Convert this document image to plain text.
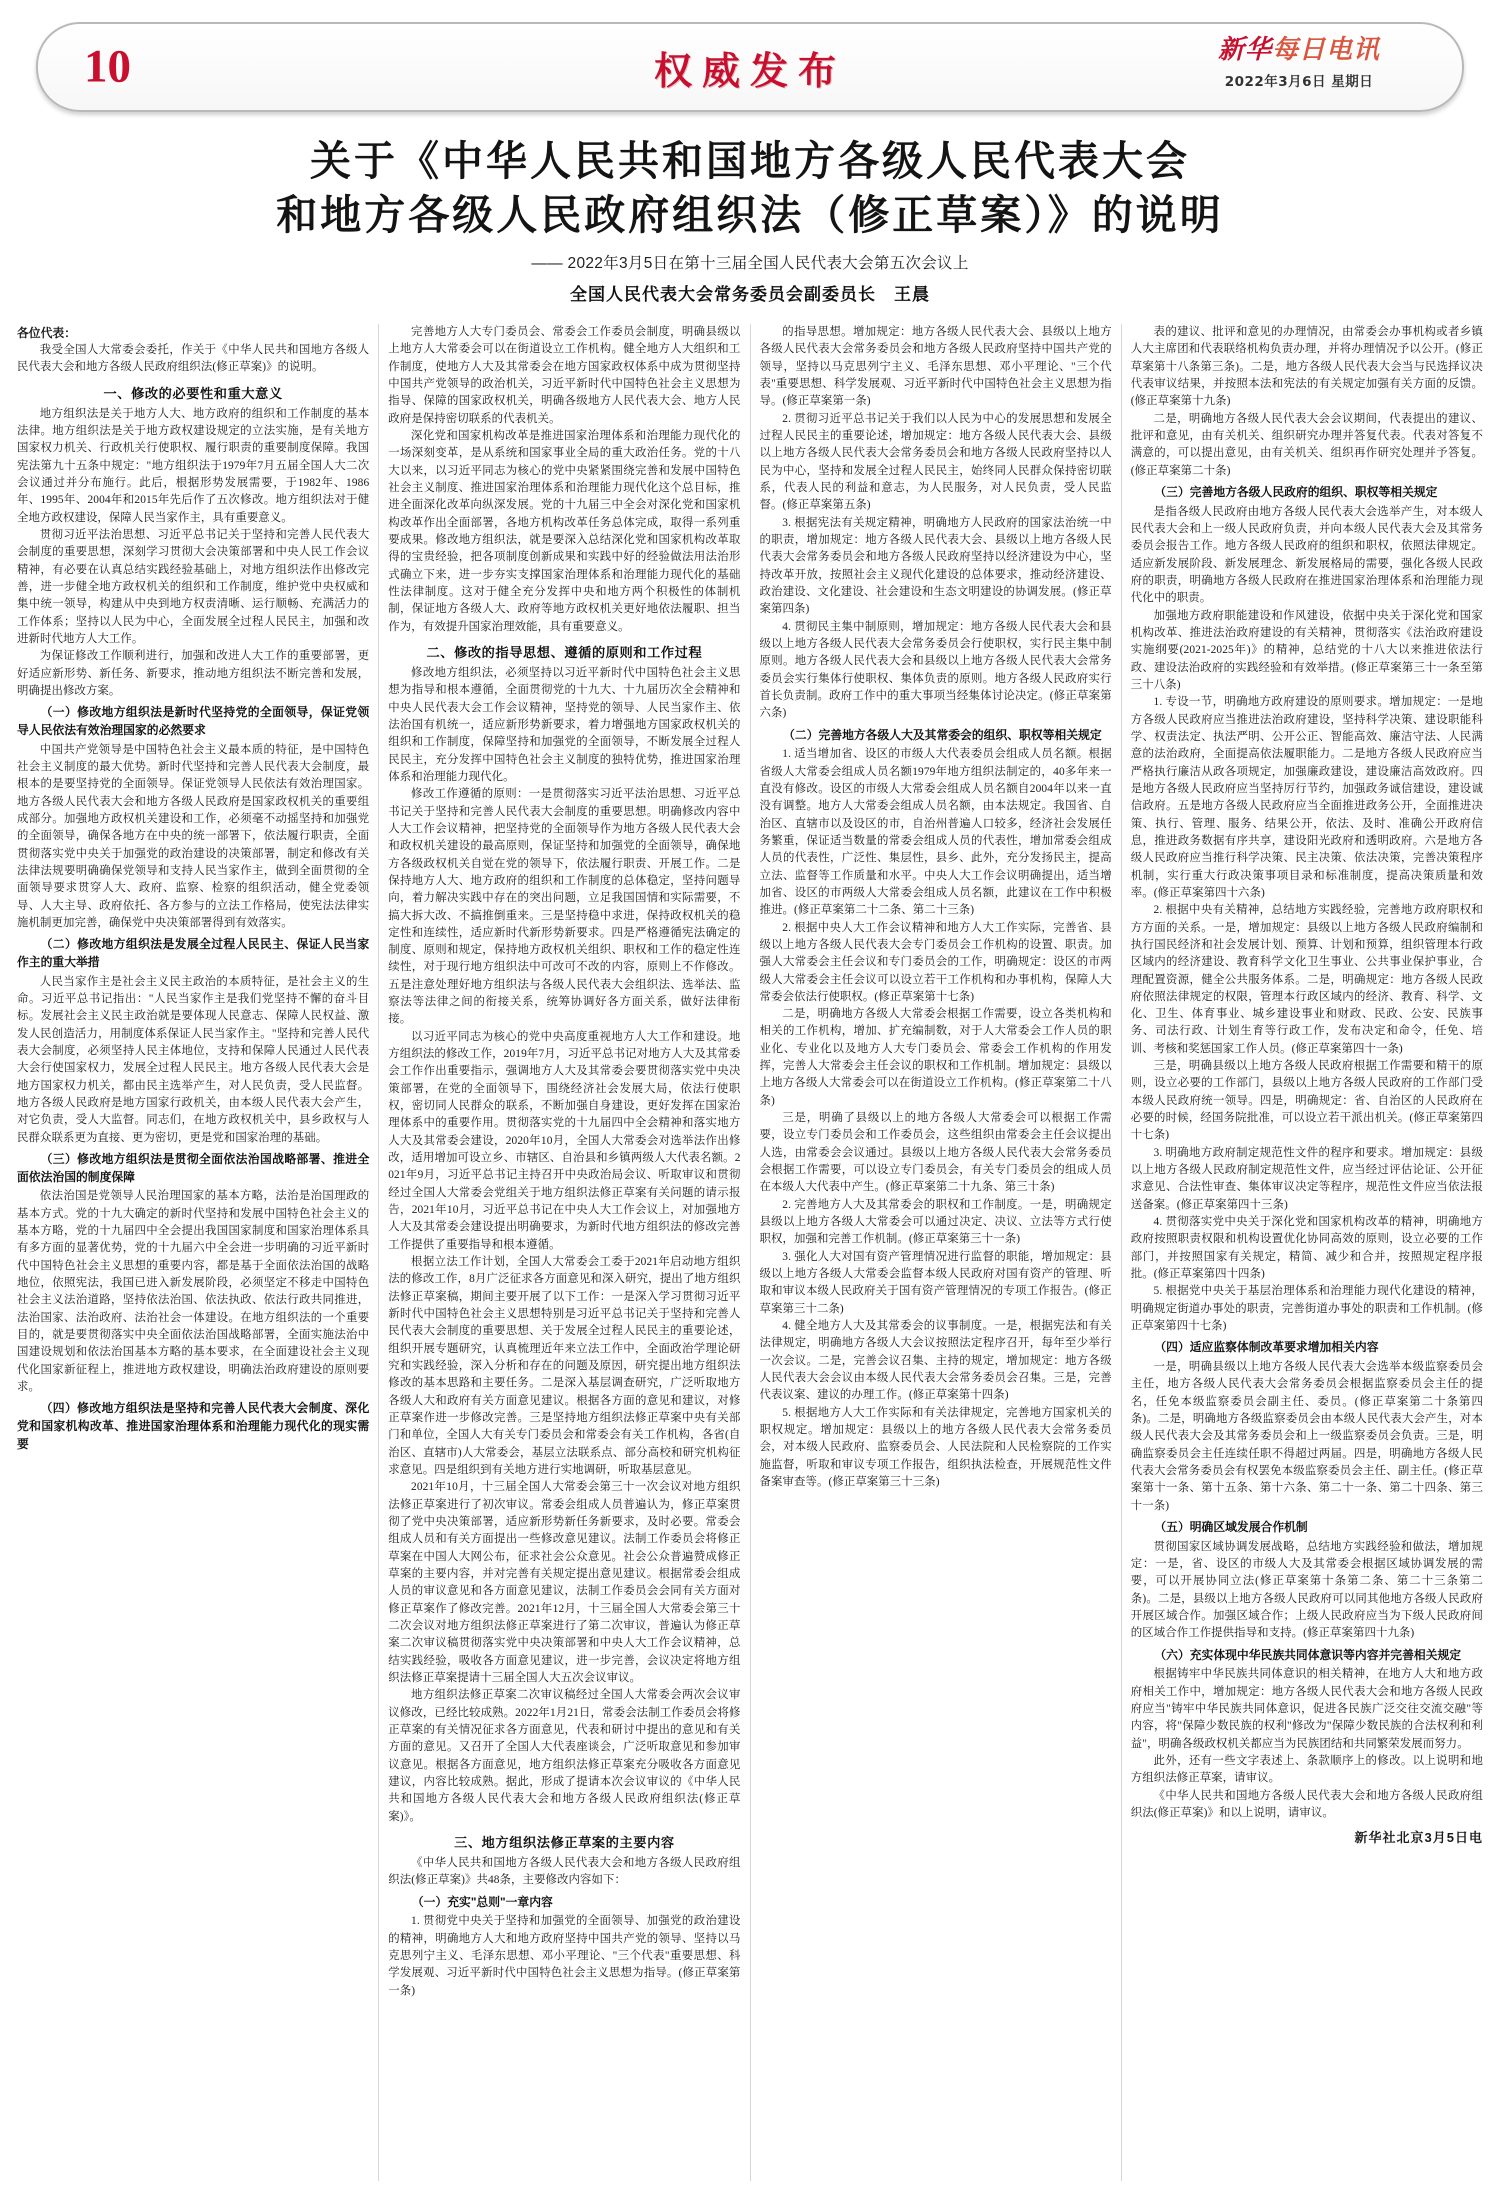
10	权威发布	新华每日电讯
2022年3月6日 星期日
关于《中华人民共和国地方各级人民代表大会
和地方各级人民政府组织法（修正草案）》的说明
—— 2022年3月5日在第十三届全国人民代表大会第五次会议上
全国人民代表大会常务委员会副委员长　王晨
各位代表：
我受全国人大常委会委托，作关于《中华人民共和国地方各级人民代表大会和地方各级人民政府组织法(修正草案)》的说明。
一、修改的必要性和重大意义
地方组织法是关于地方人大、地方政府的组织和工作制度的基本法律。地方组织法是关于地方政权建设规定的立法实施，是有关地方国家权力机关、行政机关行使职权、履行职责的重要制度保障。我国宪法第九十五条中规定："地方组织法于1979年7月五届全国人大二次会议通过并分布施行。此后，根据形势发展需要，于1982年、1986年、1995年、2004年和2015年先后作了五次修改。地方组织法对于健全地方政权建设，保障人民当家作主，具有重要意义。
贯彻习近平法治思想、习近平总书记关于坚持和完善人民代表大会制度的重要思想，深刻学习贯彻大会决策部署和中央人民工作会议精神，有必要在认真总结实践经验基础上，对地方组织法作出修改完善，进一步健全地方政权机关的组织和工作制度，维护党中央权威和集中统一领导，构建从中央到地方权责清晰、运行顺畅、充满活力的工作体系；坚持以人民为中心，全面发展全过程人民民主，加强和改进新时代地方人大工作。
为保证修改工作顺利进行，加强和改进人大工作的重要部署，更好适应新形势、新任务、新要求，推动地方组织法不断完善和发展，明确提出修改方案。
（一）修改地方组织法是新时代坚持党的全面领导，保证党领导人民依法有效治理国家的必然要求
中国共产党领导是中国特色社会主义最本质的特征，是中国特色社会主义制度的最大优势。新时代坚持和完善人民代表大会制度，最根本的是要坚持党的全面领导。保证党领导人民依法有效治理国家。地方各级人民代表大会和地方各级人民政府是国家政权机关的重要组成部分。加强地方政权机关建设和工作，必须毫不动摇坚持和加强党的全面领导，确保各地方在中央的统一部署下，依法履行职责，全面贯彻落实党中央关于加强党的政治建设的决策部署，制定和修改有关法律法规要明确确保党领导和支持人民当家作主，做到全面贯彻的全面领导要求贯穿人大、政府、监察、检察的组织活动，健全党委领导、人大主导、政府依托、各方参与的立法工作格局，使宪法法律实施机制更加完善，确保党中央决策部署得到有效落实。
（二）修改地方组织法是发展全过程人民民主、保证人民当家作主的重大举措
人民当家作主是社会主义民主政治的本质特征，是社会主义的生命。习近平总书记指出："人民当家作主是我们党坚持不懈的奋斗目标。发展社会主义民主政治就是要体现人民意志、保障人民权益、激发人民创造活力，用制度体系保证人民当家作主。"坚持和完善人民代表大会制度，必须坚持人民主体地位，支持和保障人民通过人民代表大会行使国家权力，发展全过程人民民主。地方各级人民代表大会是地方国家权力机关，都由民主选举产生，对人民负责，受人民监督。地方各级人民政府是地方国家行政机关，由本级人民代表大会产生，对它负责，受人大监督。同志们，在地方政权机关中，县乡政权与人民群众联系更为直接、更为密切，更是党和国家治理的基础。
（三）修改地方组织法是贯彻全面依法治国战略部署、推进全面依法治国的制度保障
依法治国是党领导人民治理国家的基本方略，法治是治国理政的基本方式。党的十九大确定的新时代坚持和发展中国特色社会主义的基本方略，党的十九届四中全会提出我国国家制度和国家治理体系具有多方面的显著优势，党的十九届六中全会进一步明确的习近平新时代中国特色社会主义思想的重要内容，都是基于全面依法治国的战略地位，依照宪法，我国已进入新发展阶段，必须坚定不移走中国特色社会主义法治道路，坚持依法治国、依法执政、依法行政共同推进，法治国家、法治政府、法治社会一体建设。在地方组织法的一个重要目的，就是要贯彻落实中央全面依法治国战略部署，全面实施法治中国建设规划和依法治国基本方略的基本要求，在全面建设社会主义现代化国家新征程上，推进地方政权建设，明确法治政府建设的原则要求。
（四）修改地方组织法是坚持和完善人民代表大会制度、深化党和国家机构改革、推进国家治理体系和治理能力现代化的现实需要
完善地方人大专门委员会、常委会工作委员会制度，明确县级以上地方人大常委会可以在街道设立工作机构。健全地方人大组织和工作制度，使地方人大及其常委会在地方国家政权体系中成为贯彻坚持中国共产党领导的政治机关，习近平新时代中国特色社会主义思想为指导、保障的国家政权机关，明确各级地方人民代表大会、地方人民政府是保持密切联系的代表机关。
深化党和国家机构改革是推进国家治理体系和治理能力现代化的一场深刻变革，是从系统和国家事业全局的重大政治任务。党的十八大以来，以习近平同志为核心的党中央紧紧围绕完善和发展中国特色社会主义制度、推进国家治理体系和治理能力现代化这个总目标，推进全面深化改革向纵深发展。党的十九届三中全会对深化党和国家机构改革作出全面部署，各地方机构改革任务总体完成，取得一系列重要成果。修改地方组织法，就是要深入总结深化党和国家机构改革取得的宝贵经验，把各项制度创新成果和实践中好的经验做法用法治形式确立下来，进一步夯实支撑国家治理体系和治理能力现代化的基础性法律制度。这对于健全充分发挥中央和地方两个积极性的体制机制，保证地方各级人大、政府等地方政权机关更好地依法履职、担当作为，有效提升国家治理效能，具有重要意义。
二、修改的指导思想、遵循的原则和工作过程
修改地方组织法，必须坚持以习近平新时代中国特色社会主义思想为指导和根本遵循，全面贯彻党的十九大、十九届历次全会精神和中央人民代表大会工作会议精神，坚持党的领导、人民当家作主、依法治国有机统一，适应新形势新要求，着力增强地方国家政权机关的组织和工作制度，保障坚持和加强党的全面领导，不断发展全过程人民民主，充分发挥中国特色社会主义制度的独特优势，推进国家治理体系和治理能力现代化。
修改工作遵循的原则：一是贯彻落实习近平法治思想、习近平总书记关于坚持和完善人民代表大会制度的重要思想。明确修改内容中人大工作会议精神，把坚持党的全面领导作为地方各级人民代表大会和政权机关建设的最高原则，保证坚持和加强党的全面领导，确保地方各级政权机关自觉在党的领导下，依法履行职责、开展工作。二是保持地方人大、地方政府的组织和工作制度的总体稳定，坚持问题导向，着力解决实践中存在的突出问题，立足我国国情和实际需要，不搞大拆大改、不搞推倒重来。三是坚持稳中求进，保持政权机关的稳定性和连续性，适应新时代新形势新要求。四是严格遵循宪法确定的制度、原则和规定，保持地方政权机关组织、职权和工作的稳定性连续性，对于现行地方组织法中可改可不改的内容，原则上不作修改。五是注意处理好地方组织法与各级人民代表大会组织法、选举法、监察法等法律之间的衔接关系，统筹协调好各方面关系，做好法律衔接。
以习近平同志为核心的党中央高度重视地方人大工作和建设。地方组织法的修改工作，2019年7月，习近平总书记对地方人大及其常委会工作作出重要指示，强调地方人大及其常委会要贯彻落实党中央决策部署，在党的全面领导下，围绕经济社会发展大局，依法行使职权，密切同人民群众的联系，不断加强自身建设，更好发挥在国家治理体系中的重要作用。贯彻落实党的十九届四中全会精神和落实地方人大及其常委会建设，2020年10月，全国人大常委会对选举法作出修改，适用增加可设立乡、市辖区、自治县和乡镇两级人大代表名额。2021年9月，习近平总书记主持召开中央政治局会议、听取审议和贯彻经过全国人大常委会党组关于地方组织法修正草案有关问题的请示报告，2021年10月，习近平总书记在中央人大工作会议上，对加强地方人大及其常委会建设提出明确要求，为新时代地方组织法的修改完善工作提供了重要指导和根本遵循。
根据立法工作计划，全国人大常委会工委于2021年启动地方组织法的修改工作，8月广泛征求各方面意见和深入研究，提出了地方组织法修正草案稿，期间主要开展了以下工作：一是深入学习贯彻习近平新时代中国特色社会主义思想特别是习近平总书记关于坚持和完善人民代表大会制度的重要思想、关于发展全过程人民民主的重要论述，组织开展专题研究，认真梳理近年来立法工作中，全面政治学理论研究和实践经验，深入分析和存在的问题及原因，研究提出地方组织法修改的基本思路和主要任务。二是深入基层调查研究，广泛听取地方各级人大和政府有关方面意见建议。根据各方面的意见和建议，对修正草案作进一步修改完善。三是坚持地方组织法修正草案中央有关部门和单位，全国人大有关专门委员会和常委会有关工作机构，各省(自治区、直辖市)人大常委会，基层立法联系点、部分高校和研究机构征求意见。四是组织到有关地方进行实地调研，听取基层意见。
2021年10月，十三届全国人大常委会第三十一次会议对地方组织法修正草案进行了初次审议。常委会组成人员普遍认为，修正草案贯彻了党中央决策部署，适应新形势新任务新要求，及时必要。常委会组成人员和有关方面提出一些修改意见建议。法制工作委员会将修正草案在中国人大网公布，征求社会公众意见。社会公众普遍赞成修正草案的主要内容，并对完善有关规定提出意见建议。根据常委会组成人员的审议意见和各方面意见建议，法制工作委员会会同有关方面对修正草案作了修改完善。2021年12月，十三届全国人大常委会第三十二次会议对地方组织法修正草案进行了第二次审议，普遍认为修正草案二次审议稿贯彻落实党中央决策部署和中央人大工作会议精神，总结实践经验，吸收各方面意见建议，进一步完善，会议决定将地方组织法修正草案提请十三届全国人大五次会议审议。
地方组织法修正草案二次审议稿经过全国人大常委会两次会议审议修改，已经比较成熟。2022年1月21日，常委会法制工作委员会将修正草案的有关情况征求各方面意见，代表和研讨中提出的意见和有关方面的意见。又召开了全国人大代表座谈会，广泛听取意见和参加审议意见。根据各方面意见，地方组织法修正草案充分吸收各方面意见建议，内容比较成熟。据此，形成了提请本次会议审议的《中华人民共和国地方各级人民代表大会和地方各级人民政府组织法(修正草案)》。
三、地方组织法修正草案的主要内容
《中华人民共和国地方各级人民代表大会和地方各级人民政府组织法(修正草案)》共48条，主要修改内容如下：
（一）充实"总则"一章内容
1. 贯彻党中央关于坚持和加强党的全面领导、加强党的政治建设的精神，明确地方人大和地方政府坚持中国共产党的领导、坚持以马克思列宁主义、毛泽东思想、邓小平理论、"三个代表"重要思想、科学发展观、习近平新时代中国特色社会主义思想为指导。(修正草案第一条)
的指导思想。增加规定：地方各级人民代表大会、县级以上地方各级人民代表大会常务委员会和地方各级人民政府坚持中国共产党的领导，坚持以马克思列宁主义、毛泽东思想、邓小平理论、"三个代表"重要思想、科学发展观、习近平新时代中国特色社会主义思想为指导。(修正草案第一条)
2. 贯彻习近平总书记关于我们以人民为中心的发展思想和发展全过程人民民主的重要论述，增加规定：地方各级人民代表大会、县级以上地方各级人民代表大会常务委员会和地方各级人民政府坚持以人民为中心，坚持和发展全过程人民民主，始终同人民群众保持密切联系，代表人民的利益和意志，为人民服务，对人民负责，受人民监督。(修正草案第五条)
3. 根据宪法有关规定精神，明确地方人民政府的国家法治统一中的职责，增加规定：地方各级人民代表大会、县级以上地方各级人民代表大会常务委员会和地方各级人民政府坚持以经济建设为中心，坚持改革开放，按照社会主义现代化建设的总体要求，推动经济建设、政治建设、文化建设、社会建设和生态文明建设的协调发展。(修正草案第四条)
4. 贯彻民主集中制原则，增加规定：地方各级人民代表大会和县级以上地方各级人民代表大会常务委员会行使职权，实行民主集中制原则。地方各级人民代表大会和县级以上地方各级人民代表大会常务委员会实行集体行使职权、集体负责的原则。地方各级人民政府实行首长负责制。政府工作中的重大事项当经集体讨论决定。(修正草案第六条)
（二）完善地方各级人大及其常委会的组织、职权等相关规定
1. 适当增加省、设区的市级人大代表委员会组成人员名额。根据省级人大常委会组成人员名额1979年地方组织法制定的，40多年来一直没有修改。设区的市级人大常委会组成人员名额自2004年以来一直没有调整。地方人大常委会组成人员名额，由本法规定。我国省、自治区、直辖市以及设区的市，自治州普遍人口较多，经济社会发展任务繁重，保证适当数量的常委会组成人员的代表性，增加常委会组成人员的代表性，广泛性、集层性，县乡、此外，充分发扬民主，提高立法、监督等工作质量和水平。中央人大工作会议明确提出，适当增加省、设区的市两级人大常委会组成人员名额，此建议在工作中积极推进。(修正草案第二十二条、第二十三条)
2. 根据中央人大工作会议精神和地方人大工作实际，完善省、县级以上地方各级人民代表大会专门委员会工作机构的设置、职责。加强人大常委会主任会议和专门委员会的工作，明确规定：设区的市两级人大常委会主任会议可以设立若干工作机构和办事机构，保障人大常委会依法行使职权。(修正草案第十七条)
二是，明确地方各级人大常委会根据工作需要，设立各类机构和相关的工作机构，增加、扩充编制数，对于人大常委会工作人员的职业化、专业化以及地方人大专门委员会、常委会工作机构的作用发挥，完善人大常委会主任会议的职权和工作机制。增加规定：县级以上地方各级人大常委会可以在街道设立工作机构。(修正草案第二十八条)
三是，明确了县级以上的地方各级人大常委会可以根据工作需要，设立专门委员会和工作委员会，这些组织由常委会主任会议提出人选，由常委会会议通过。县级以上地方各级人民代表大会常务委员会根据工作需要，可以设立专门委员会，有关专门委员会的组成人员在本级人大代表中产生。(修正草案第二十九条、第三十条)
2. 完善地方人大及其常委会的职权和工作制度。一是，明确规定县级以上地方各级人大常委会可以通过决定、决议、立法等方式行使职权，加强和完善工作机制。(修正草案第三十一条)
3. 强化人大对国有资产管理情况进行监督的职能，增加规定：县级以上地方各级人大常委会监督本级人民政府对国有资产的管理、听取和审议本级人民政府关于国有资产管理情况的专项工作报告。(修正草案第三十二条)
4. 健全地方人大及其常委会的议事制度。一是，根据宪法和有关法律规定，明确地方各级人大会议按照法定程序召开，每年至少举行一次会议。二是，完善会议召集、主持的规定，增加规定：地方各级人民代表大会会议由本级人民代表大会常务委员会召集。三是，完善代表议案、建议的办理工作。(修正草案第十四条)
5. 根据地方人大工作实际和有关法律规定，完善地方国家机关的职权规定。增加规定：县级以上的地方各级人民代表大会常务委员会，对本级人民政府、监察委员会、人民法院和人民检察院的工作实施监督，听取和审议专项工作报告，组织执法检查，开展规范性文件备案审查等。(修正草案第三十三条)
表的建议、批评和意见的办理情况，由常委会办事机构或者乡镇人大主席团和代表联络机构负责办理，并将办理情况予以公开。(修正草案第十八条第三条)。二是，地方各级人民代表大会当与民选择议决代表审议结果，并按照本法和宪法的有关规定加强有关方面的反馈。(修正草案第十九条)
二是，明确地方各级人民代表大会会议期间，代表提出的建议、批评和意见，由有关机关、组织研究办理并答复代表。代表对答复不满意的，可以提出意见，由有关机关、组织再作研究处理并予答复。(修正草案第二十条)
（三）完善地方各级人民政府的组织、职权等相关规定
是指各级人民政府由地方各级人民代表大会选举产生，对本级人民代表大会和上一级人民政府负责，并向本级人民代表大会及其常务委员会报告工作。地方各级人民政府的组织和职权，依照法律规定。适应新发展阶段、新发展理念、新发展格局的需要，强化各级人民政府的职责，明确地方各级人民政府在推进国家治理体系和治理能力现代化中的职责。
加强地方政府职能建设和作风建设，依据中央关于深化党和国家机构改革、推进法治政府建设的有关精神，贯彻落实《法治政府建设实施纲要(2021-2025年)》的精神，总结党的十八大以来推进依法行政、建设法治政府的实践经验和有效举措。(修正草案第三十一条至第三十八条)
1. 专设一节，明确地方政府建设的原则要求。增加规定：一是地方各级人民政府应当推进法治政府建设，坚持科学决策、建设职能科学、权责法定、执法严明、公开公正、智能高效、廉洁守法、人民满意的法治政府，全面提高依法履职能力。二是地方各级人民政府应当严格执行廉洁从政各项规定，加强廉政建设，建设廉洁高效政府。四是地方各级人民政府应当坚持厉行节约，加强政务诚信建设，建设诚信政府。五是地方各级人民政府应当全面推进政务公开，全面推进决策、执行、管理、服务、结果公开，依法、及时、准确公开政府信息，推进政务数据有序共享，建设阳光政府和透明政府。六是地方各级人民政府应当推行科学决策、民主决策、依法决策，完善决策程序机制，实行重大行政决策事项目录和标准制度，提高决策质量和效率。(修正草案第四十六条)
2. 根据中央有关精神，总结地方实践经验，完善地方政府职权和方方面的关系。一是，增加规定：县级以上地方各级人民政府编制和执行国民经济和社会发展计划、预算、计划和预算，组织管理本行政区域内的经济建设、教育科学文化卫生事业、公共事业保护事业，合理配置资源，健全公共服务体系。二是，明确规定：地方各级人民政府依照法律规定的权限，管理本行政区域内的经济、教育、科学、文化、卫生、体育事业、城乡建设事业和财政、民政、公安、民族事务、司法行政、计划生育等行政工作，发布决定和命令，任免、培训、考核和奖惩国家工作人员。(修正草案第四十一条)
三是，明确县级以上地方各级人民政府根据工作需要和精干的原则，设立必要的工作部门，县级以上地方各级人民政府的工作部门受本级人民政府统一领导。四是，明确规定：省、自治区的人民政府在必要的时候，经国务院批准，可以设立若干派出机关。(修正草案第四十七条)
3. 明确地方政府制定规范性文件的程序和要求。增加规定：县级以上地方各级人民政府制定规范性文件，应当经过评估论证、公开征求意见、合法性审查、集体审议决定等程序，规范性文件应当依法报送备案。(修正草案第四十三条)
4. 贯彻落实党中央关于深化党和国家机构改革的精神，明确地方政府按照职责权限和机构设置优化协同高效的原则，设立必要的工作部门，并按照国家有关规定，精简、减少和合并，按照规定程序报批。(修正草案第四十四条)
5. 根据党中央关于基层治理体系和治理能力现代化建设的精神，明确规定街道办事处的职责，完善街道办事处的职责和工作机制。(修正草案第四十七条)
（四）适应监察体制改革要求增加相关内容
一是，明确县级以上地方各级人民代表大会选举本级监察委员会主任，地方各级人民代表大会常务委员会根据监察委员会主任的提名，任免本级监察委员会副主任、委员。(修正草案第二十条第四条)。二是，明确地方各级监察委员会由本级人民代表大会产生，对本级人民代表大会及其常务委员会和上一级监察委员会负责。三是，明确监察委员会主任连续任职不得超过两届。四是，明确地方各级人民代表大会常务委员会有权罢免本级监察委员会主任、副主任。(修正草案第十一条、第十五条、第十六条、第二十一条、第二十四条、第三十一条)
（五）明确区域发展合作机制
贯彻国家区域协调发展战略，总结地方实践经验和做法，增加规定：一是，省、设区的市级人大及其常委会根据区域协调发展的需要，可以开展协同立法(修正草案第十条第二条、第二十三条第二条)。二是，县级以上地方各级人民政府可以同其他地方各级人民政府开展区域合作。加强区域合作；上级人民政府应当为下级人民政府间的区域合作工作提供指导和支持。(修正草案第四十九条)
（六）充实体现中华民族共同体意识等内容并完善相关规定
根据铸牢中华民族共同体意识的相关精神，在地方人大和地方政府相关工作中，增加规定：地方各级人民代表大会和地方各级人民政府应当"铸牢中华民族共同体意识，促进各民族广泛交往交流交融"等内容，将"保障少数民族的权利"修改为"保障少数民族的合法权利和利益"，明确各级政权机关都应当为民族团结和共同繁荣发展而努力。
此外，还有一些文字表述上、条款顺序上的修改。以上说明和地方组织法修正草案，请审议。
《中华人民共和国地方各级人民代表大会和地方各级人民政府组织法(修正草案)》和以上说明，请审议。
新华社北京3月5日电
